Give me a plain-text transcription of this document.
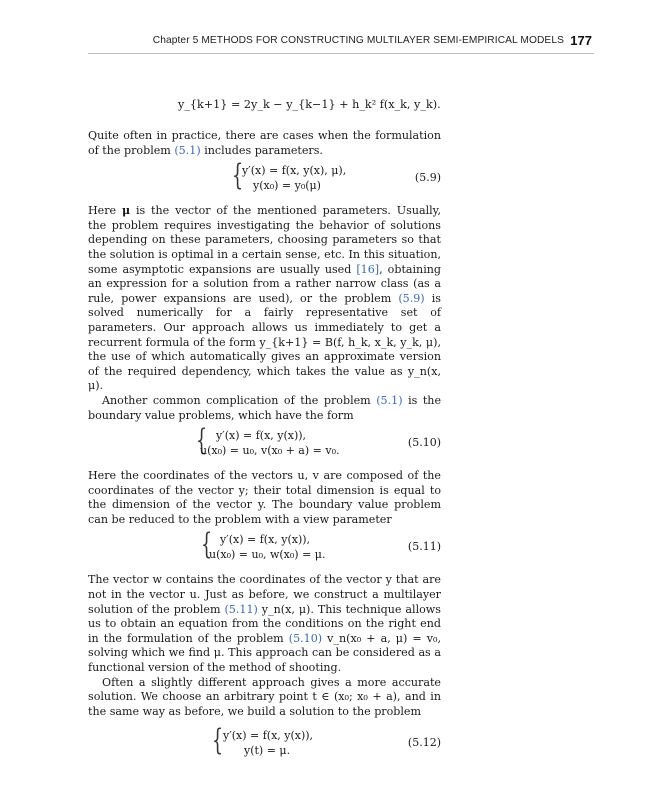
Chapter 5 METHODS FOR CONSTRUCTING MULTILAYER SEMI-EMPIRICAL MODELS 177
y_{k+1} = 2y_k − y_{k−1} + h_k² f(x_k, y_k).

Quite often in practice, there are cases when the formulation of the problem (5.1) includes parameters.

{
y′(x) = f(x, y(x), μ),
y(x₀) = y₀(μ)
(5.9)

Here μ is the vector of the mentioned parameters. Usually, the problem requires investigating the behavior of solutions depending on these parameters, choosing parameters so that the solution is optimal in a certain sense, etc. In this situation, some asymptotic expansions are usually used [16], obtaining an expression for a solution from a rather narrow class (as a rule, power expansions are used), or the problem (5.9) is solved numerically for a fairly representative set of parameters. Our approach allows us immediately to get a recurrent formula of the form y_{k+1} = B(f, h_k, x_k, y_k, μ), the use of which automatically gives an approximate version of the required dependency, which takes the value as y_n(x, μ).

Another common complication of the problem (5.1) is the boundary value problems, which have the form

{ y′(x) = f(x, y(x)),
u(x₀) = u₀, v(x₀ + a) = v₀.
(5.10)

Here the coordinates of the vectors u, v are composed of the coordinates of the vector y; their total dimension is equal to the dimension of the vector y. The boundary value problem can be reduced to the problem with a view parameter

{ y′(x) = f(x, y(x)),
u(x₀) = u₀, w(x₀) = μ.
(5.11)

The vector w contains the coordinates of the vector y that are not in the vector u. Just as before, we construct a multilayer solution of the problem (5.11) y_n(x, μ). This technique allows us to obtain an equation from the conditions on the right end in the formulation of the problem (5.10) v_n(x₀ + a, μ) = v₀, solving which we find μ. This approach can be considered as a functional version of the method of shooting.

Often a slightly different approach gives a more accurate solution. We choose an arbitrary point t ∈ (x₀; x₀ + a), and in the same way as before, we build a solution to the problem

{ y′(x) = f(x, y(x)),
y(t) = μ.
(5.12)
